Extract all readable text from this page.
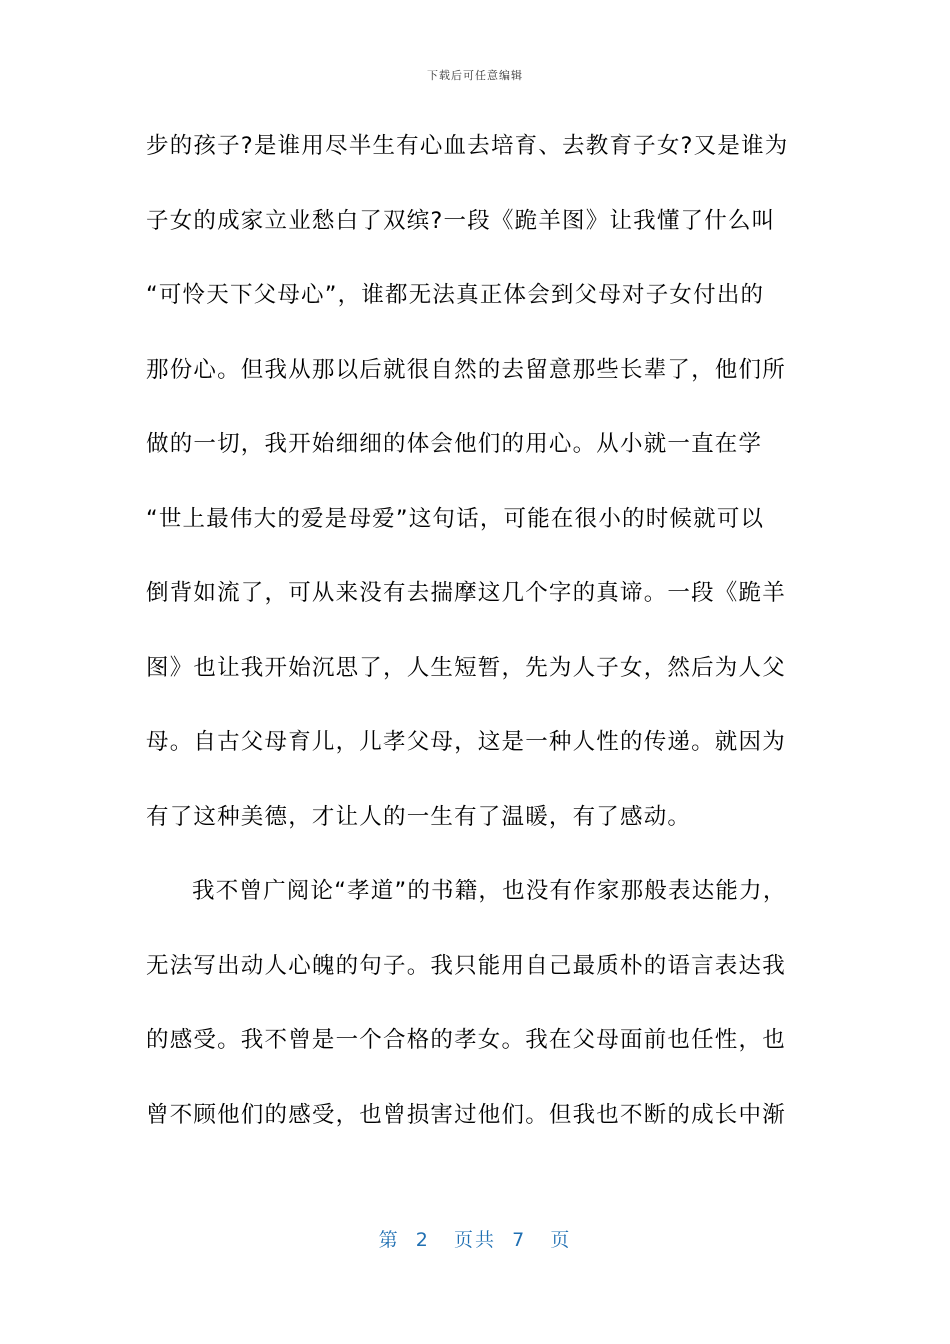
下载后可任意编辑
步的孩子?是谁用尽半生有心血去培育、去教育子女?又是谁为
子女的成家立业愁白了双缤?一段《跪羊图》让我懂了什么叫
“可怜天下父母心”，谁都无法真正体会到父母对子女付出的
那份心。但我从那以后就很自然的去留意那些长辈了，他们所
做的一切，我开始细细的体会他们的用心。从小就一直在学
“世上最伟大的爱是母爱”这句话，可能在很小的时候就可以
倒背如流了，可从来没有去揣摩这几个字的真谛。一段《跪羊
图》也让我开始沉思了，人生短暂，先为人子女，然后为人父
母。自古父母育儿，儿孝父母，这是一种人性的传递。就因为
有了这种美德，才让人的一生有了温暖，有了感动。
我不曾广阅论“孝道”的书籍，也没有作家那般表达能力，
无法写出动人心魄的句子。我只能用自己最质朴的语言表达我
的感受。我不曾是一个合格的孝女。我在父母面前也任性，也
曾不顾他们的感受，也曾损害过他们。但我也不断的成长中渐
第 2 页共 7 页
